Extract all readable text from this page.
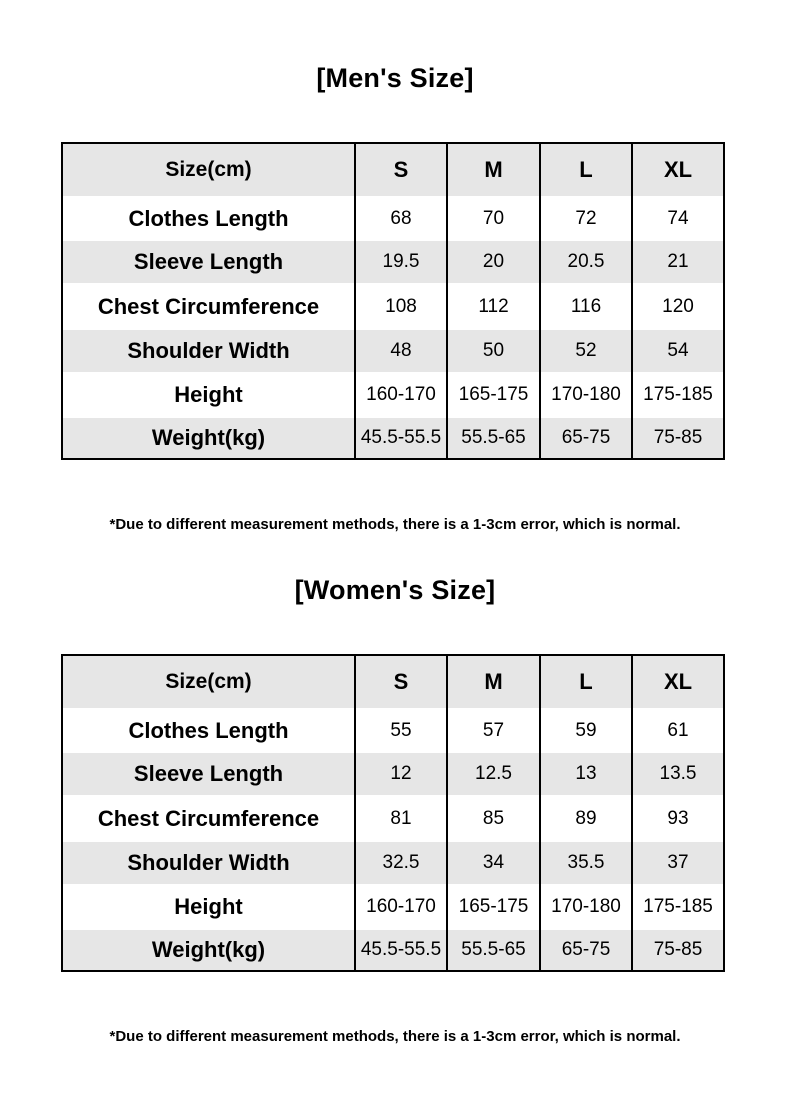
[Men's Size]
Size(cm)	S	M	L	XL
Clothes Length	68	70	72	74
Sleeve Length	19.5	20	20.5	21
Chest Circumference	108	112	116	120
Shoulder Width	48	50	52	54
Height	160-170	165-175	170-180	175-185
Weight(kg)	45.5-55.5	55.5-65	65-75	75-85
*Due to different measurement methods, there is a 1-3cm error, which is normal.
[Women's Size]
Size(cm)	S	M	L	XL
Clothes Length	55	57	59	61
Sleeve Length	12	12.5	13	13.5
Chest Circumference	81	85	89	93
Shoulder Width	32.5	34	35.5	37
Height	160-170	165-175	170-180	175-185
Weight(kg)	45.5-55.5	55.5-65	65-75	75-85
*Due to different measurement methods, there is a 1-3cm error, which is normal.
